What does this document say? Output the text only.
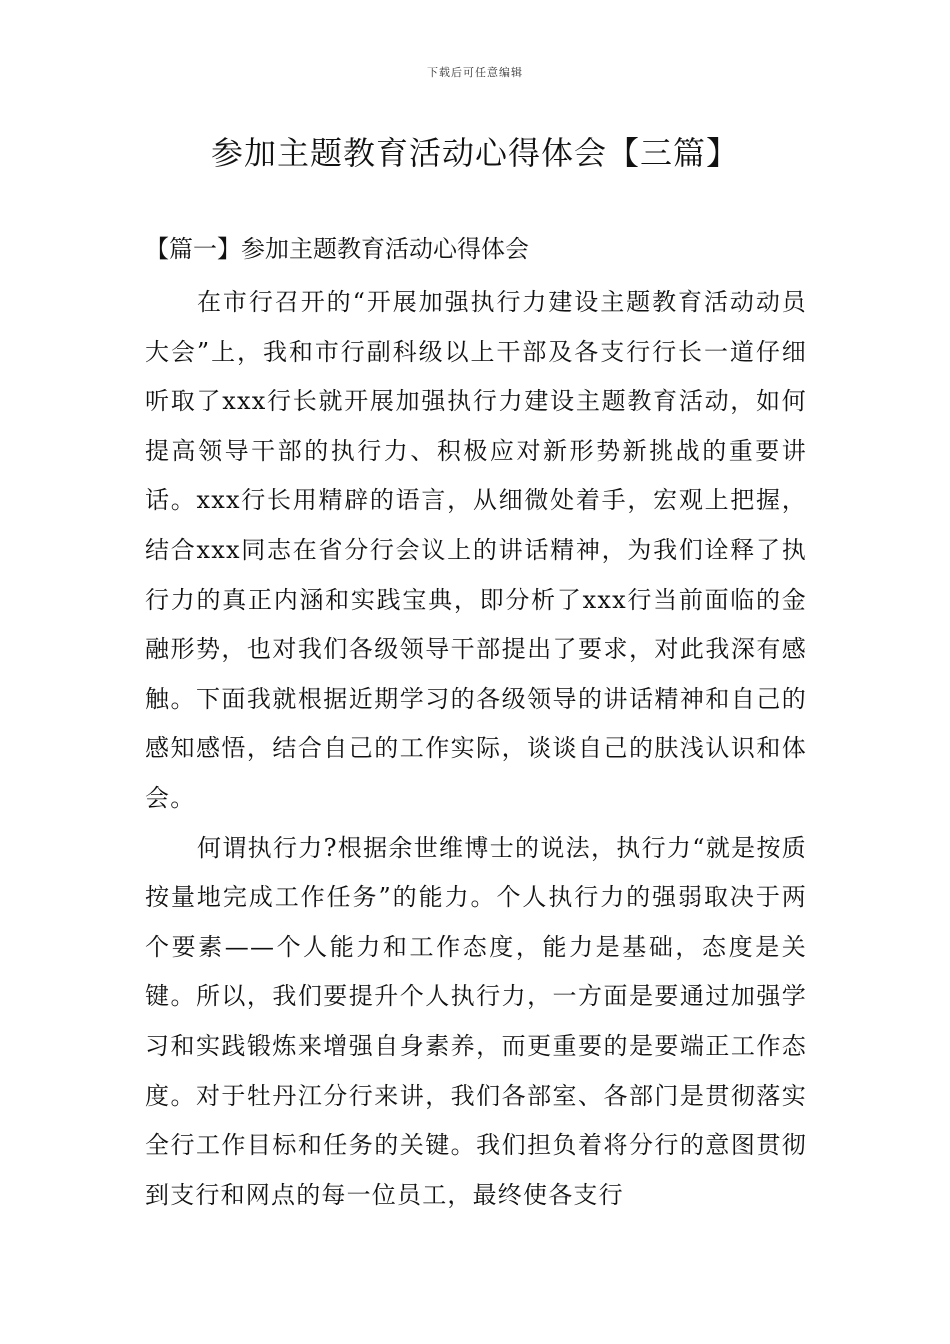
下载后可任意编辑
参加主题教育活动心得体会【三篇】
【篇一】参加主题教育活动心得体会

在市行召开的“开展加强执行力建设主题教育活动动员大会”上，我和市行副科级以上干部及各支行行长一道仔细听取了xxx行长就开展加强执行力建设主题教育活动，如何提高领导干部的执行力、积极应对新形势新挑战的重要讲话。xxx行长用精辟的语言，从细微处着手，宏观上把握，结合xxx同志在省分行会议上的讲话精神，为我们诠释了执行力的真正内涵和实践宝典，即分析了xxx行当前面临的金融形势，也对我们各级领导干部提出了要求，对此我深有感触。下面我就根据近期学习的各级领导的讲话精神和自己的感知感悟，结合自己的工作实际，谈谈自己的肤浅认识和体会。

何谓执行力?根据余世维博士的说法，执行力“就是按质按量地完成工作任务”的能力。个人执行力的强弱取决于两个要素——个人能力和工作态度，能力是基础，态度是关键。所以，我们要提升个人执行力，一方面是要通过加强学习和实践锻炼来增强自身素养，而更重要的是要端正工作态度。对于牡丹江分行来讲，我们各部室、各部门是贯彻落实全行工作目标和任务的关键。我们担负着将分行的意图贯彻到支行和网点的每一位员工，最终使各支行
